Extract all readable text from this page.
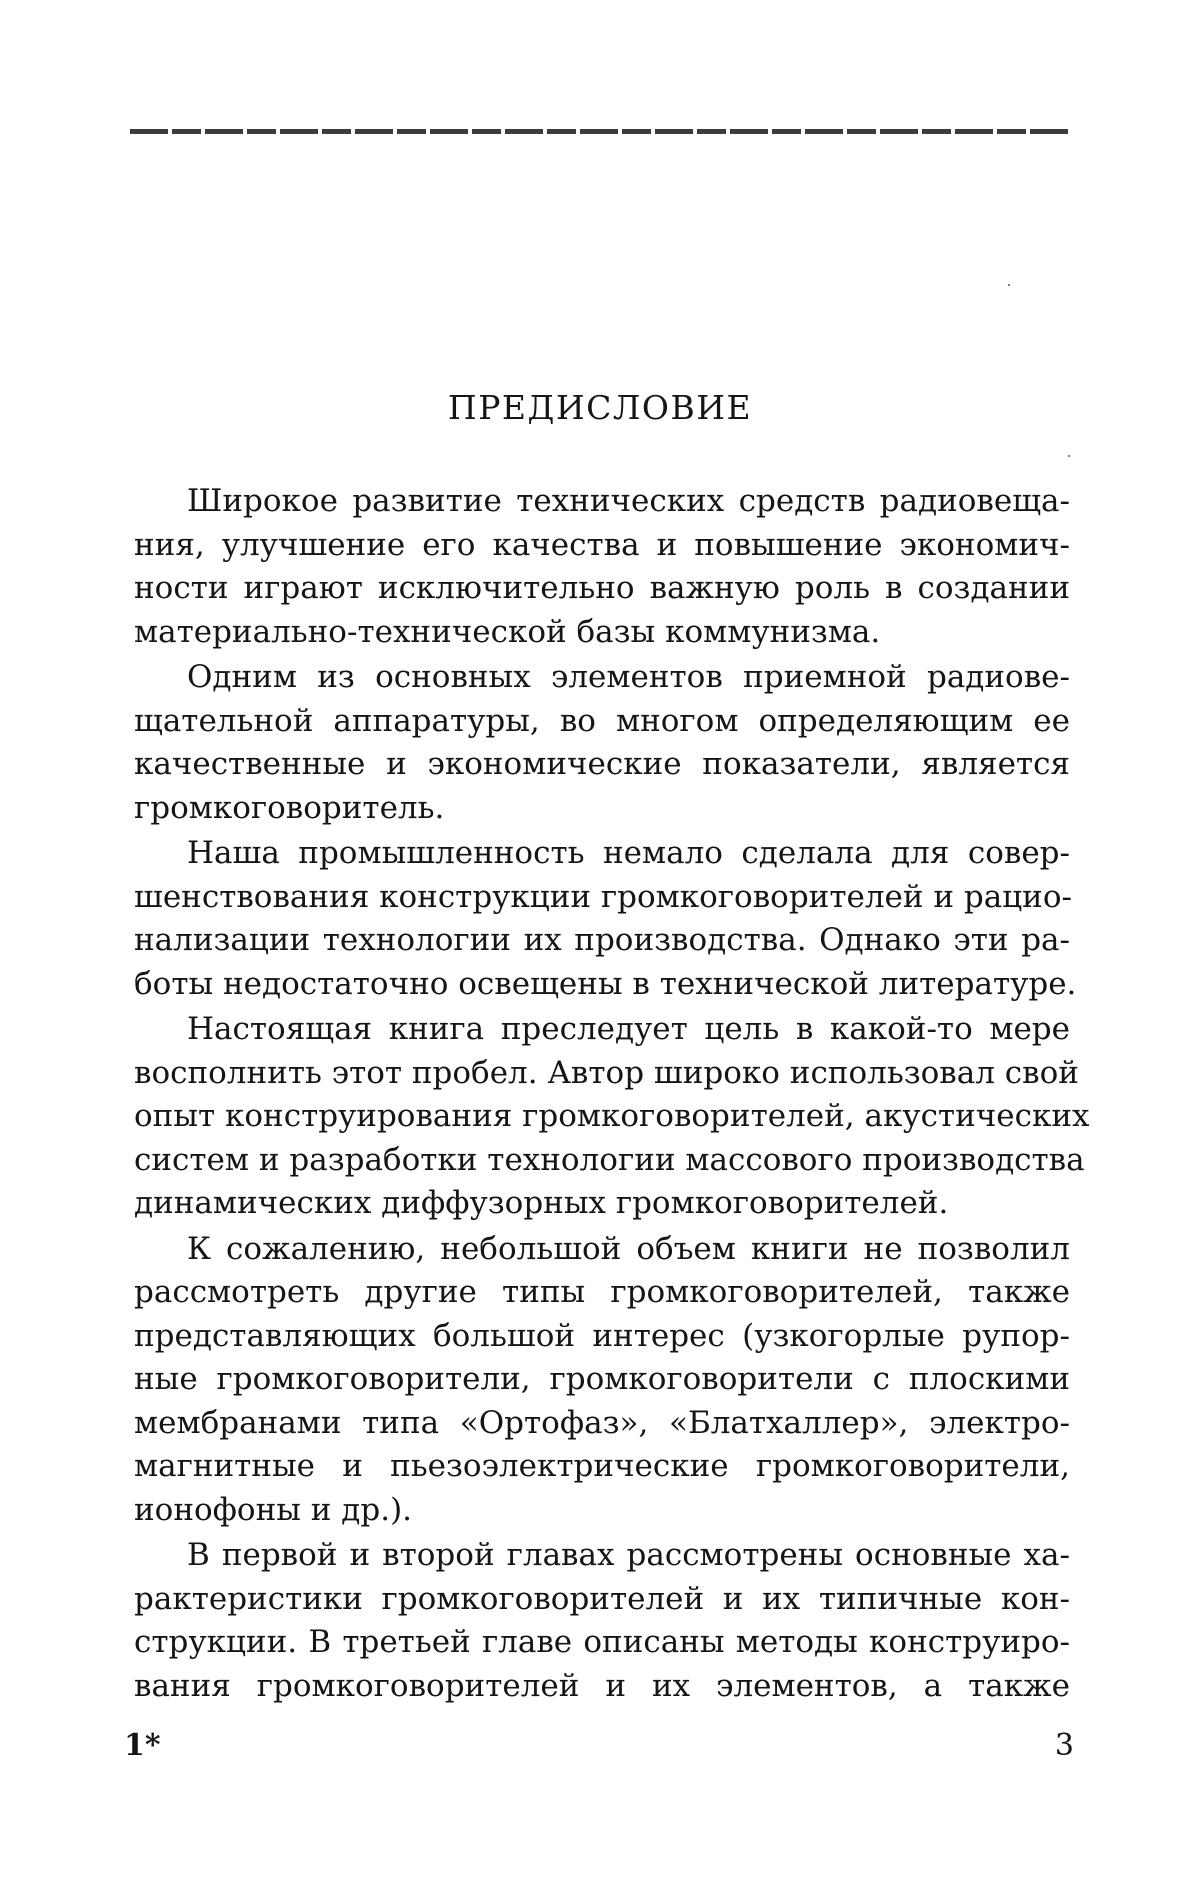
ПРЕДИСЛОВИЕ
Широкое развитие технических средств радиовеща-
ния, улучшение его качества и повышение экономич-
ности играют исключительно важную роль в создании
материально-технической базы коммунизма.
Одним из основных элементов приемной радиове-
щательной аппаратуры, во многом определяющим ее
качественные и экономические показатели, является
громкоговоритель.
Наша промышленность немало сделала для совер-
шенствования конструкции громкоговорителей и рацио-
нализации технологии их производства. Однако эти ра-
боты недостаточно освещены в технической литературе.
Настоящая книга преследует цель в какой-то мере
восполнить этот пробел. Автор широко использовал свой
опыт конструирования громкоговорителей, акустических
систем и разработки технологии массового производства
динамических диффузорных громкоговорителей.
К сожалению, небольшой объем книги не позволил
рассмотреть другие типы громкоговорителей, также
представляющих большой интерес (узкогорлые рупор-
ные громкоговорители, громкоговорители с плоскими
мембранами типа «Ортофаз», «Блатхаллер», электро-
магнитные и пьезоэлектрические громкоговорители,
ионофоны и др.).
В первой и второй главах рассмотрены основные ха-
рактеристики громкоговорителей и их типичные кон-
струкции. В третьей главе описаны методы конструиро-
вания громкоговорителей и их элементов, а также
1*	3
